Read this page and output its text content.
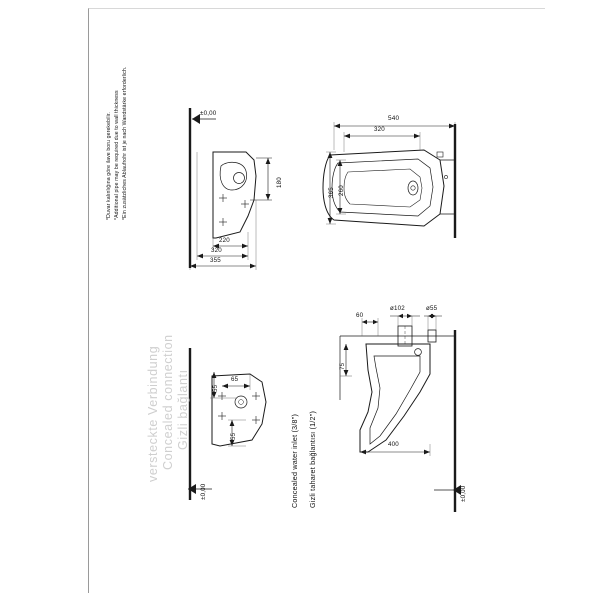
*Duvar kalınlığına göre ilave boru gerekebilir. *Additional pipe may be required due to wall thickness *Ein zusätzliches Ablaufrohr ist je nach Wandstärke erforderlich.	±0,00
180
220
320
355
540
320
365 260
65
55
55
±0,00
Gizli bağlantı
Concealed connection
versteckte Verbindung
60
ø102	ø55
75
400
±0,00
Gizli taharet bağlantısı (1/2")
Concealed water inlet (3/8")
